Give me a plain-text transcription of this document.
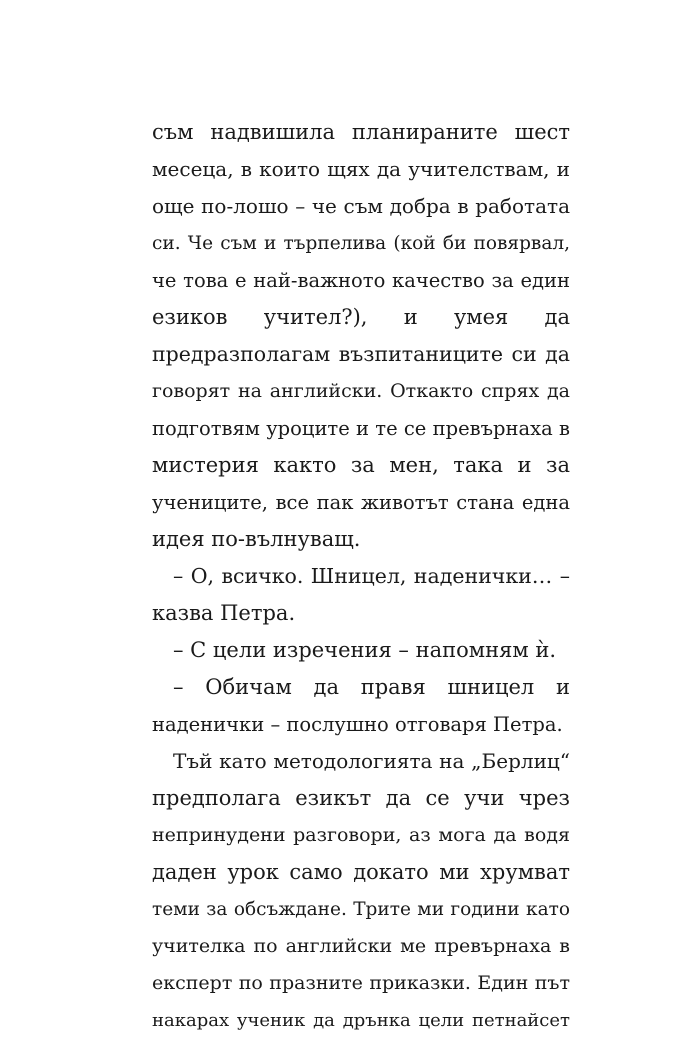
съм надвишила планираните шест
месеца, в които щях да учителствам, и
още по-лошо – че съм добра в работата
си. Че съм и търпелива (кой би повярвал,
че това е най-важното качество за един
езиков учител?), и умея да
предразполагам възпитаниците си да
говорят на английски. Откакто спрях да
подготвям уроците и те се превърнаха в
мистерия както за мен, така и за
учениците, все пак животът стана една
идея по-вълнуващ.
– О, всичко. Шницел, наденички… –
казва Петра.
– С цели изречения – напомням ѝ.
– Обичам да правя шницел и
наденички – послушно отговаря Петра.
Тъй като методологията на „Берлиц“
предполага езикът да се учи чрез
непринудени разговори, аз мога да водя
даден урок само докато ми хрумват
теми за обсъждане. Трите ми години като
учителка по английски ме превърнаха в
експерт по празните приказки. Един път
накарах ученик да дрънка цели петнайсет
